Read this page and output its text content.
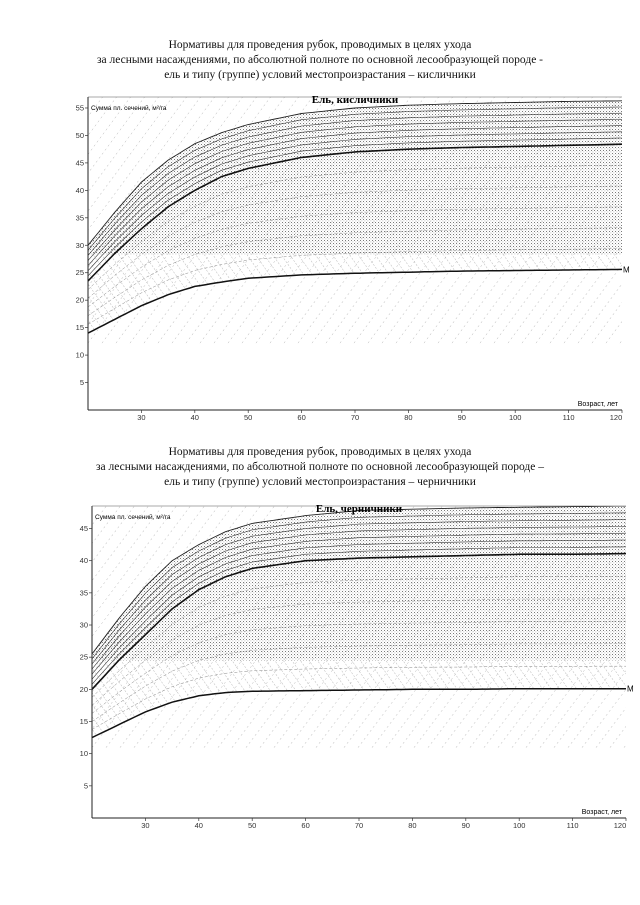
Нормативы для проведения рубок, проводимых в целях ухода
за лесными насаждениями, по абсолютной полноте по основной лесообразующей породе -
ель и типу (группе) условий местопроизрастания – кисличники
5
10
15
20
25
30
35
40
45
50
55
30	40	50	60	70	80	90	100	110	120
Ель, кисличники
Сумма пл. сечений, м²/га
Возраст, лет
M
Нормативы для проведения рубок, проводимых в целях ухода
за лесными насаждениями, по абсолютной полноте по основной лесообразующей породе –
ель и типу (группе) условий местопроизрастания – черничники
5
10
15
20
25
30
35
40
45
30	40	50	60	70	80	90	100	110	120
Ель, черничники
Сумма пл. сечений, м²/га
Возраст, лет
M
